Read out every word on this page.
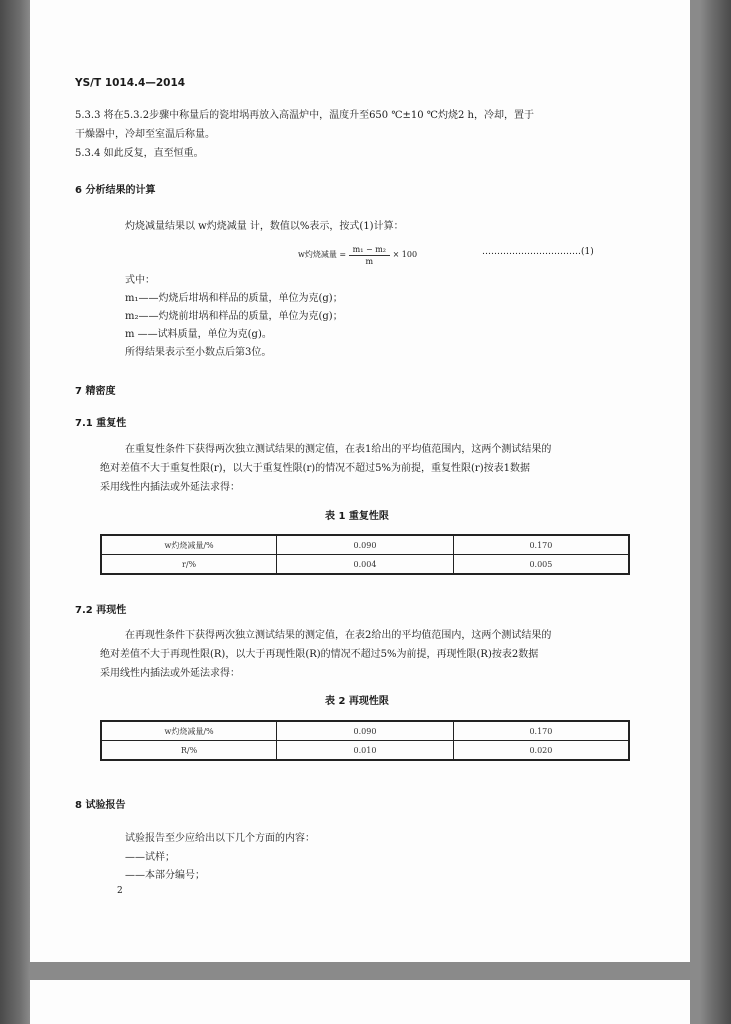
YS/T 1014.4—2014
5.3.3 将在5.3.2步骤中称量后的瓷坩埚再放入高温炉中，温度升至650 ℃±10 ℃灼烧2 h，冷却，置于
干燥器中，冷却至室温后称量。
5.3.4 如此反复，直至恒重。
6 分析结果的计算
灼烧减量结果以 w灼烧减量 计，数值以%表示，按式(1)计算：
w灼烧减量 = $\frac{\text{m₁ − m₂}}{m} \times 100$	……………………………(1)
式中：
m₁——灼烧后坩埚和样品的质量，单位为克(g)；
m₂——灼烧前坩埚和样品的质量，单位为克(g)；
m ——试料质量，单位为克(g)。
所得结果表示至小数点后第3位。
7 精密度
7.1 重复性
在重复性条件下获得两次独立测试结果的测定值，在表1给出的平均值范围内，这两个测试结果的
绝对差值不大于重复性限(r)，以大于重复性限(r)的情况不超过5%为前提，重复性限(r)按表1数据
采用线性内插法或外延法求得：
表 1 重复性限
w灼烧减量/%	0.090	0.170
r/%	0.004	0.005
7.2 再现性
在再现性条件下获得两次独立测试结果的测定值，在表2给出的平均值范围内，这两个测试结果的
绝对差值不大于再现性限(R)，以大于再现性限(R)的情况不超过5%为前提，再现性限(R)按表2数据
采用线性内插法或外延法求得：
表 2 再现性限
w灼烧减量/%	0.090	0.170
R/%	0.010	0.020
8 试验报告
试验报告至少应给出以下几个方面的内容：
——试样；
——本部分编号；
2
